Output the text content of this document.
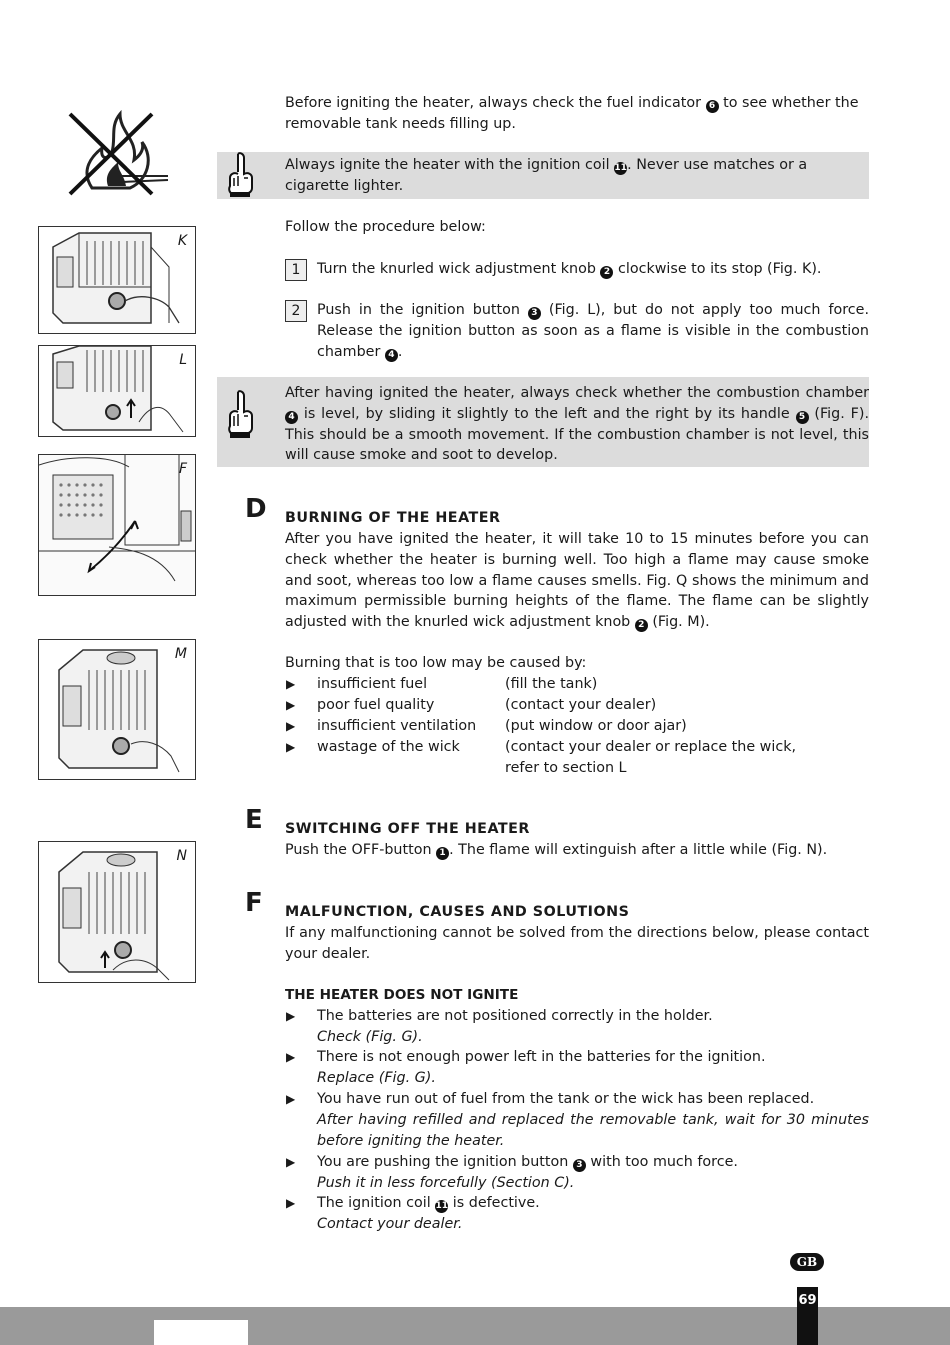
Before igniting the heater, always check the fuel indicator 6 to see whether the removable tank needs filling up.
Always ignite the heater with the ignition coil 11. Never use matches or a cigarette lighter.
Follow the procedure below:
1	Turn the knurled wick adjustment knob 2 clockwise to its stop (Fig. K).
2	Push in the ignition button 3 (Fig. L), but do not apply too much force. Release the ignition button as soon as a flame is visible in the combustion chamber 4 .
After having ignited the heater, always check whether the combustion chamber 4 is level, by sliding it slightly to the left and the right by its handle 5 (Fig. F). This should be a smooth movement. If the combustion chamber is not level, this will cause smoke and soot to develop.
K
L
F
M
N
D BURNING OF THE HEATER
After you have ignited the heater, it will take 10 to 15 minutes before you can check whether the heater is burning well. Too high a flame may cause smoke and soot, whereas too low a flame causes smells. Fig. Q shows the minimum and maximum permissible burning heights of the flame. The flame can be slightly adjusted with the knurled wick adjustment knob 2 (Fig. M).
Burning that is too low may be caused by:
▶ insufficient fuel	(fill the tank)
▶ poor fuel quality	(contact your dealer)
▶ insufficient ventilation (put window or door ajar)
▶ wastage of the wick	(contact your dealer or replace the wick,
refer to section L
E SWITCHING OFF THE HEATER
Push the OFF-button 1 . The flame will extinguish after a little while (Fig. N).
F MALFUNCTION, CAUSES AND SOLUTIONS
If any malfunctioning cannot be solved from the directions below, please contact your dealer.
THE HEATER DOES NOT IGNITE
▶ The batteries are not positioned correctly in the holder.
Check (Fig. G).
▶ There is not enough power left in the batteries for the ignition.
Replace (Fig. G).
▶ You have run out of fuel from the tank or the wick has been replaced.
After having refilled and replaced the removable tank, wait for 30 minutes before igniting the heater.
▶ You are pushing the ignition button 3 with too much force.
Push it in less forcefully (Section C).
▶ The ignition coil 11 is defective.
Contact your dealer.
GB
69
